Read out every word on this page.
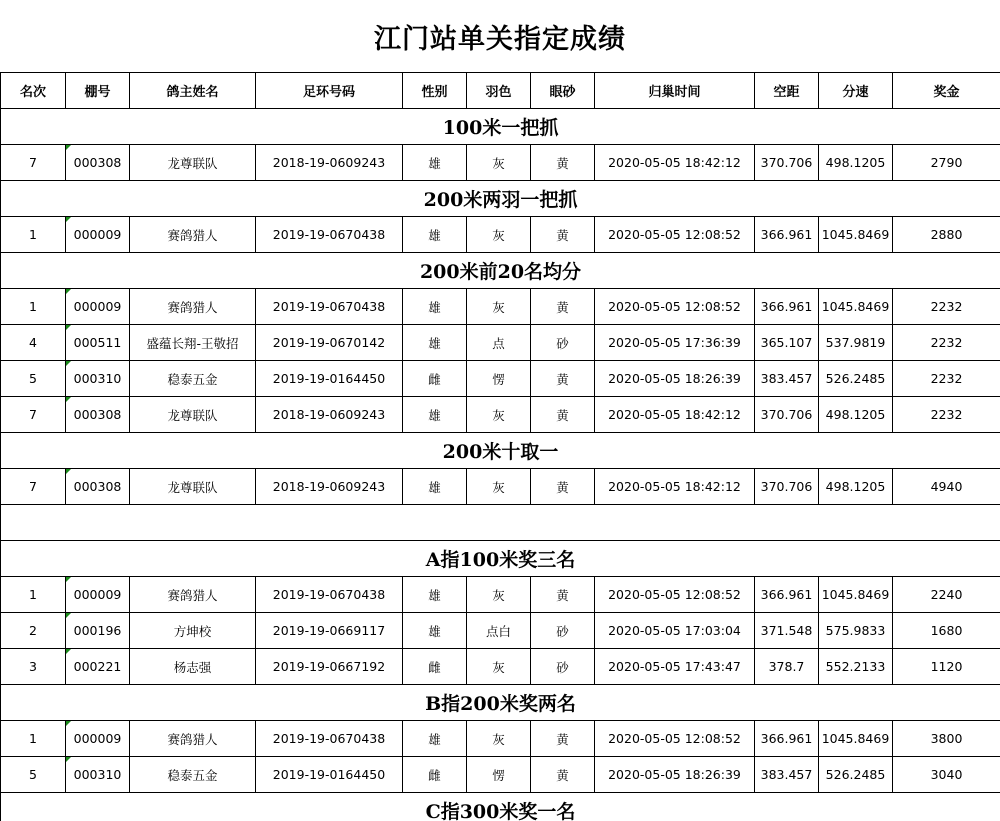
江门站单关指定成绩
名次	棚号	鸽主姓名	足环号码	性别	羽色	眼砂	归巢时间	空距	分速	奖金
100米一把抓										
7	000308	龙尊联队	2018-19-0609243	雄	灰	黄	2020-05-05 18:42:12	370.706	498.1205	2790
200米两羽一把抓										
1	000009	赛鸽猎人	2019-19-0670438	雄	灰	黄	2020-05-05 12:08:52	366.961	1045.8469	2880
200米前20名均分										
1	000009	赛鸽猎人	2019-19-0670438	雄	灰	黄	2020-05-05 12:08:52	366.961	1045.8469	2232
4	000511	盛蕴长翔-王敬招	2019-19-0670142	雄	点	砂	2020-05-05 17:36:39	365.107	537.9819	2232
5	000310	稳泰五金	2019-19-0164450	雌	愣	黄	2020-05-05 18:26:39	383.457	526.2485	2232
7	000308	龙尊联队	2018-19-0609243	雄	灰	黄	2020-05-05 18:42:12	370.706	498.1205	2232
200米十取一										
7	000308	龙尊联队	2018-19-0609243	雄	灰	黄	2020-05-05 18:42:12	370.706	498.1205	4940

A指100米奖三名										
1	000009	赛鸽猎人	2019-19-0670438	雄	灰	黄	2020-05-05 12:08:52	366.961	1045.8469	2240
2	000196	方坤校	2019-19-0669117	雄	点白	砂	2020-05-05 17:03:04	371.548	575.9833	1680
3	000221	杨志强	2019-19-0667192	雌	灰	砂	2020-05-05 17:43:47	378.7	552.2133	1120
B指200米奖两名										
1	000009	赛鸽猎人	2019-19-0670438	雄	灰	黄	2020-05-05 12:08:52	366.961	1045.8469	3800
5	000310	稳泰五金	2019-19-0164450	雌	愣	黄	2020-05-05 18:26:39	383.457	526.2485	3040
C指300米奖一名										
